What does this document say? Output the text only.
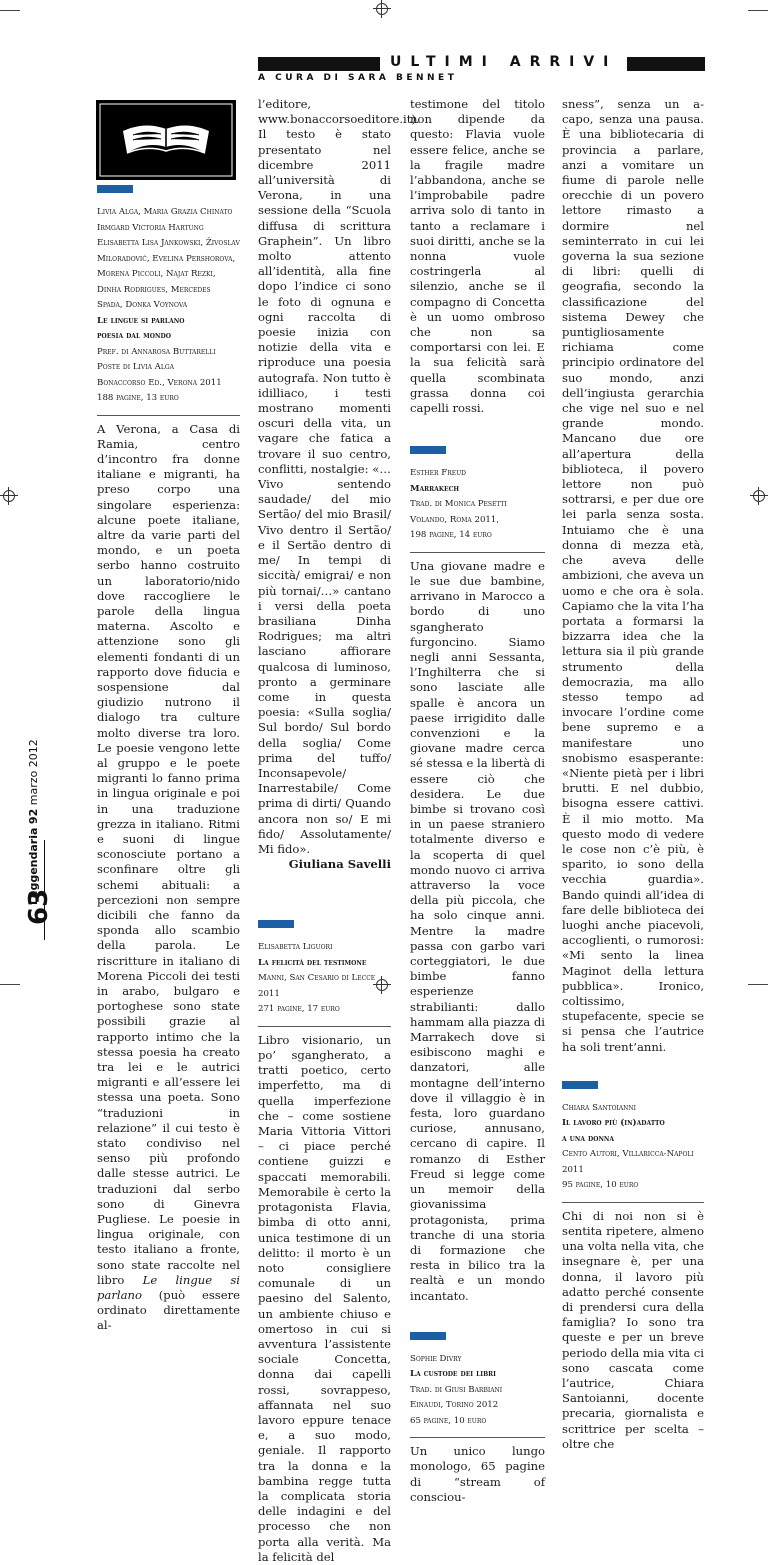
ULTIMI ARRIVI
A CURA DI SARA BENNET
Livia Alga, Maria Grazia Chinato
Irmgard Victoria Hartung
Elisabetta Lisa Jankowski, Živoslav
Miloradović, Evelina Pershorova,
Morena Piccoli, Najat Rezki,
Dinha Rodrigues, Mercedes
Spada, Donka Voynova
Le lingue si parlano
poesia dal mondo
Pref. di Annarosa Buttarelli
Poste di Livia Alga
Bonaccorso Ed., Verona 2011
188 pagine, 13 euro

A Verona, a Casa di Ramia, centro d’incontro fra donne italiane e migranti, ha preso corpo una singolare esperienza: alcune poete italiane, altre da varie parti del mondo, e un poeta serbo hanno costruito un laboratorio/nido dove raccogliere le parole della lingua materna. Ascolto e attenzione sono gli elementi fondanti di un rapporto dove fiducia e sospensione dal giudizio nutrono il dialogo tra culture molto diverse tra loro. Le poesie vengono lette al gruppo e le poete migranti lo fanno prima in lingua originale e poi in una traduzione grezza in italiano. Ritmi e suoni di lingue sconosciute portano a sconfinare oltre gli schemi abituali: a percezioni non sempre dicibili che fanno da sponda allo scambio della parola. Le riscritture in italiano di Morena Piccoli dei testi in arabo, bulgaro e portoghese sono state possibili grazie al rapporto intimo che la stessa poesia ha creato tra lei e le autrici migranti e all’essere lei stessa una poeta. Sono “traduzioni in relazione” il cui testo è stato condiviso nel senso più profondo dalle stesse autrici. Le traduzioni dal serbo sono di Ginevra Pugliese. Le poesie in lingua originale, con testo italiano a fronte, sono state raccolte nel libro Le lingue si parlano (può essere ordinato direttamente al-

l’editore, www.bonaccorsoeditore.it). Il testo è stato presentato nel dicembre 2011 all’università di Verona, in una sessione della “Scuola diffusa di scrittura Graphein”. Un libro molto attento all’identità, alla fine dopo l’indice ci sono le foto di ognuna e ogni raccolta di poesie inizia con notizie della vita e riproduce una poesia autografa. Non tutto è idilliaco, i testi mostrano momenti oscuri della vita, un vagare che fatica a trovare il suo centro, conflitti, nostalgie: «… Vivo sentendo saudade/ del mio Sertão/ del mio Brasil/ Vivo dentro il Sertão/ e il Sertão dentro di me/ In tempi di siccità/ emigrai/ e non più tornai/…» cantano i versi della poeta brasiliana Dinha Rodrigues; ma altri lasciano affiorare qualcosa di luminoso, pronto a germinare come in questa poesia: «Sulla soglia/ Sul bordo/ Sul bordo della soglia/ Come prima del tuffo/ Inconsapevole/ Inarrestabile/ Come prima di dirti/ Quando ancora non so/ E mi fido/ Assolutamente/ Mi fido».

Giuliana Savelli

Elisabetta Liguori
La felicità del testimone
Manni, San Cesario di Lecce 2011
271 pagine, 17 euro

Libro visionario, un po’ sgangherato, a tratti poetico, certo imperfetto, ma di quella imperfezione che – come sostiene Maria Vittoria Vittori – ci piace perché contiene guizzi e spaccati memorabili. Memorabile è certo la protagonista Flavia, bimba di otto anni, unica testimone di un delitto: il morto è un noto consigliere comunale di un paesino del Salento, un ambiente chiuso e omertoso in cui si avventura l’assistente sociale Concetta, donna dai capelli rossi, sovrappeso, affannata nel suo lavoro eppure tenace e, a suo modo, geniale. Il rapporto tra la donna e la bambina regge tutta la complicata storia delle indagini e del processo che non porta alla verità. Ma la felicità del

testimone del titolo non dipende da questo: Flavia vuole essere felice, anche se la fragile madre l’abbandona, anche se l’improbabile padre arriva solo di tanto in tanto a reclamare i suoi diritti, anche se la nonna vuole costringerla al silenzio, anche se il compagno di Concetta è un uomo ombroso che non sa comportarsi con lei. E la sua felicità sarà quella scombinata grassa donna coi capelli rossi.

Esther Freud
Marrakech
Trad. di Monica Pesetti
Volando, Roma 2011,
198 pagine, 14 euro

Una giovane madre e le sue due bambine, arrivano in Marocco a bordo di uno sgangherato furgoncino. Siamo negli anni Sessanta, l’Inghilterra che si sono lasciate alle spalle è ancora un paese irrigidito dalle convenzioni e la giovane madre cerca sé stessa e la libertà di essere ciò che desidera. Le due bimbe si trovano così in un paese straniero totalmente diverso e la scoperta di quel mondo nuovo ci arriva attraverso la voce della più piccola, che ha solo cinque anni. Mentre la madre passa con garbo vari corteggiatori, le due bimbe fanno esperienze strabilianti: dallo hammam alla piazza di Marrakech dove si esibiscono maghi e danzatori, alle montagne dell’interno dove il villaggio è in festa, loro guardano curiose, annusano, cercano di capire. Il romanzo di Esther Freud si legge come un memoir della giovanissima protagonista, prima tranche di una storia di formazione che resta in bilico tra la realtà e un mondo incantato.

Sophie Divry
La custode dei libri
Trad. di Giusi Barbiani
Einaudi, Torino 2012
65 pagine, 10 euro

Un unico lungo monologo, 65 pagine di “stream of consciou-

sness”, senza un a-capo, senza una pausa. È una bibliotecaria di provincia a parlare, anzi a vomitare un fiume di parole nelle orecchie di un povero lettore rimasto a dormire nel seminterrato in cui lei governa la sua sezione di libri: quelli di geografia, secondo la classificazione del sistema Dewey che puntigliosamente richiama come principio ordinatore del suo mondo, anzi dell’ingiusta gerarchia che vige nel suo e nel grande mondo. Mancano due ore all’apertura della biblioteca, il povero lettore non può sottrarsi, e per due ore lei parla senza sosta. Intuiamo che è una donna di mezza età, che aveva delle ambizioni, che aveva un uomo e che ora è sola. Capiamo che la vita l’ha portata a formarsi la bizzarra idea che la lettura sia il più grande strumento della democrazia, ma allo stesso tempo ad invocare l’ordine come bene supremo e a manifestare uno snobismo esasperante: «Niente pietà per i libri brutti. E nel dubbio, bisogna essere cattivi. È il mio motto. Ma questo modo di vedere le cose non c’è più, è sparito, io sono della vecchia guardia». Bando quindi all’idea di fare delle biblioteca dei luoghi anche piacevoli, accoglienti, o rumorosi: «Mi sento la linea Maginot della lettura pubblica». Ironico, coltissimo, stupefacente, specie se si pensa che l’autrice ha soli trent’anni.

Chiara Santoianni
Il lavoro più (in)adatto
a una donna
Cento Autori, Villaricca-Napoli 2011
95 pagine, 10 euro

Chi di noi non si è sentita ripetere, almeno una volta nella vita, che insegnare è, per una donna, il lavoro più adatto perché consente di prendersi cura della famiglia? Io sono tra queste e per un breve periodo della mia vita ci sono cascata come l’autrice, Chiara Santoianni, docente precaria, giornalista e scrittrice per scelta – oltre che

Leggendaria 92 marzo 2012
63
